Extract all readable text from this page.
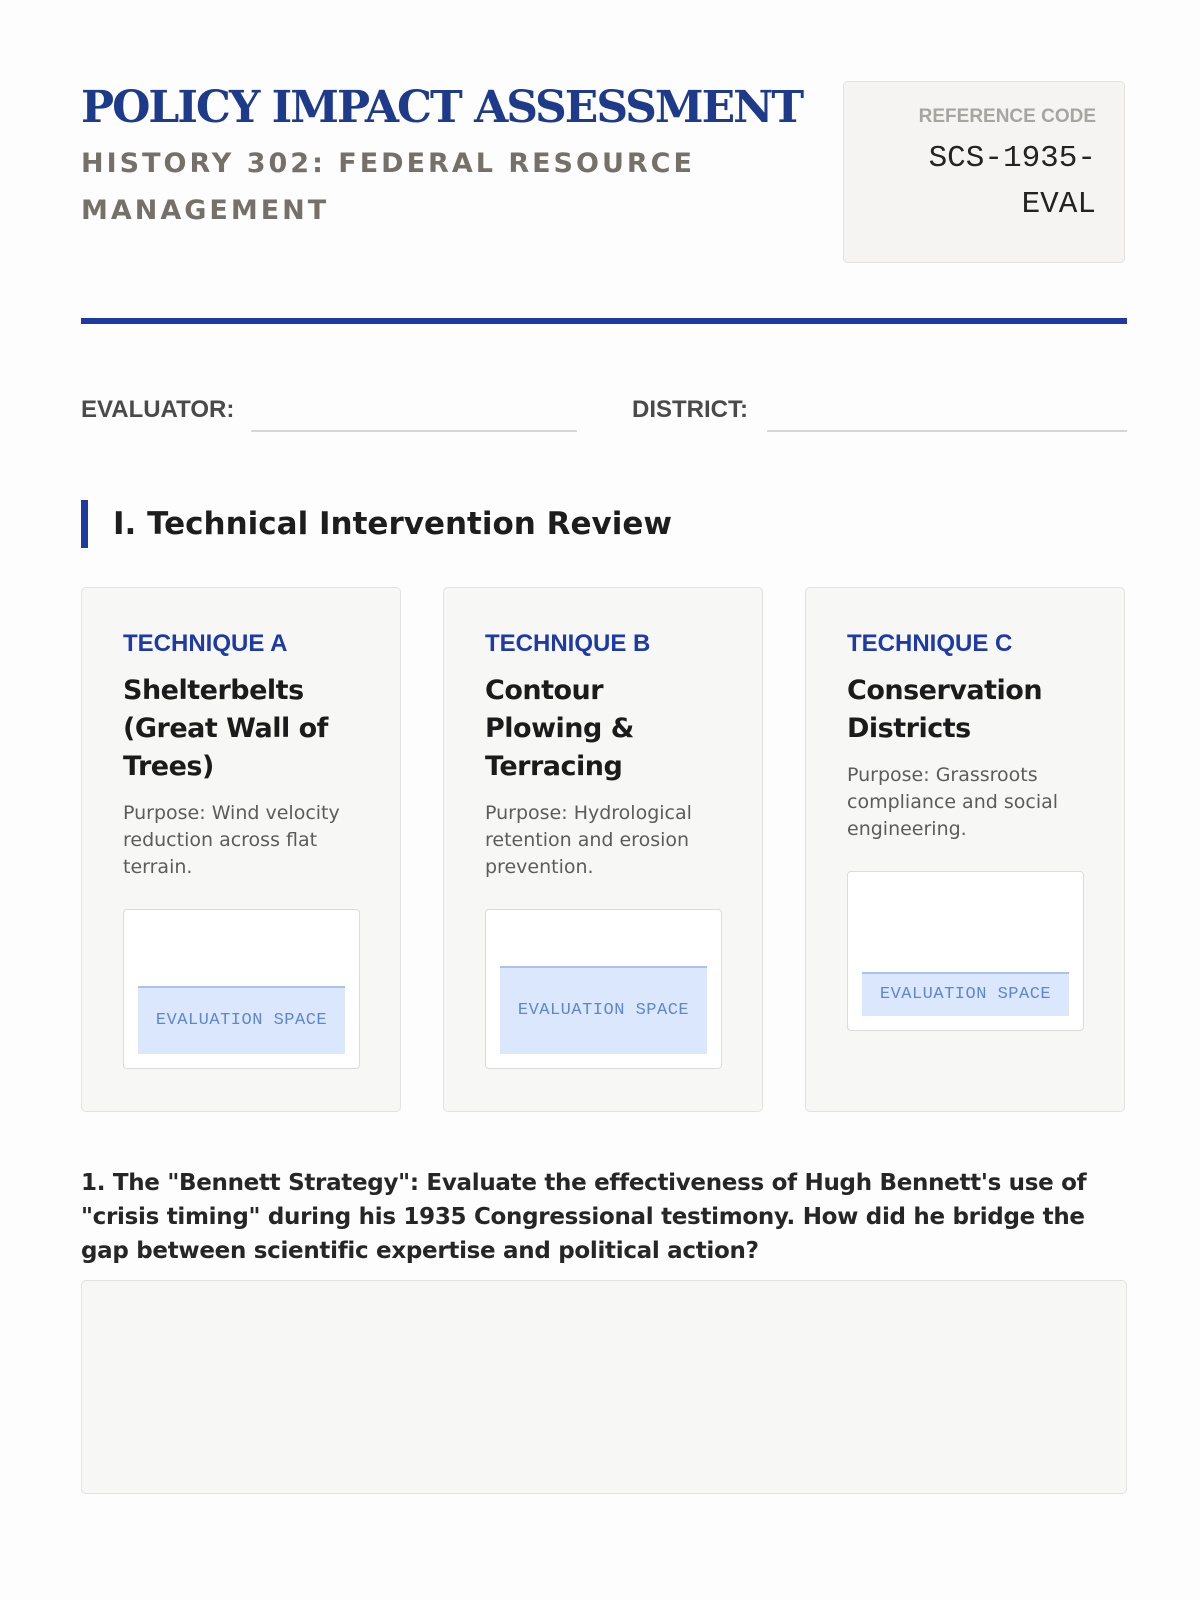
POLICY IMPACT ASSESSMENT
HISTORY 302: FEDERAL RESOURCE MANAGEMENT
REFERENCE CODE
SCS-1935-EVAL
EVALUATOR:	DISTRICT:
I. Technical Intervention Review
TECHNIQUE A
Shelterbelts (Great Wall of Trees)
Purpose: Wind velocity reduction across flat terrain.
EVALUATION SPACE
TECHNIQUE B
Contour Plowing & Terracing
Purpose: Hydrological retention and erosion prevention.
EVALUATION SPACE
TECHNIQUE C
Conservation Districts
Purpose: Grassroots compliance and social engineering.
EVALUATION SPACE
1. The "Bennett Strategy": Evaluate the effectiveness of Hugh Bennett's use of "crisis timing" during his 1935 Congressional testimony. How did he bridge the gap between scientific expertise and political action?
